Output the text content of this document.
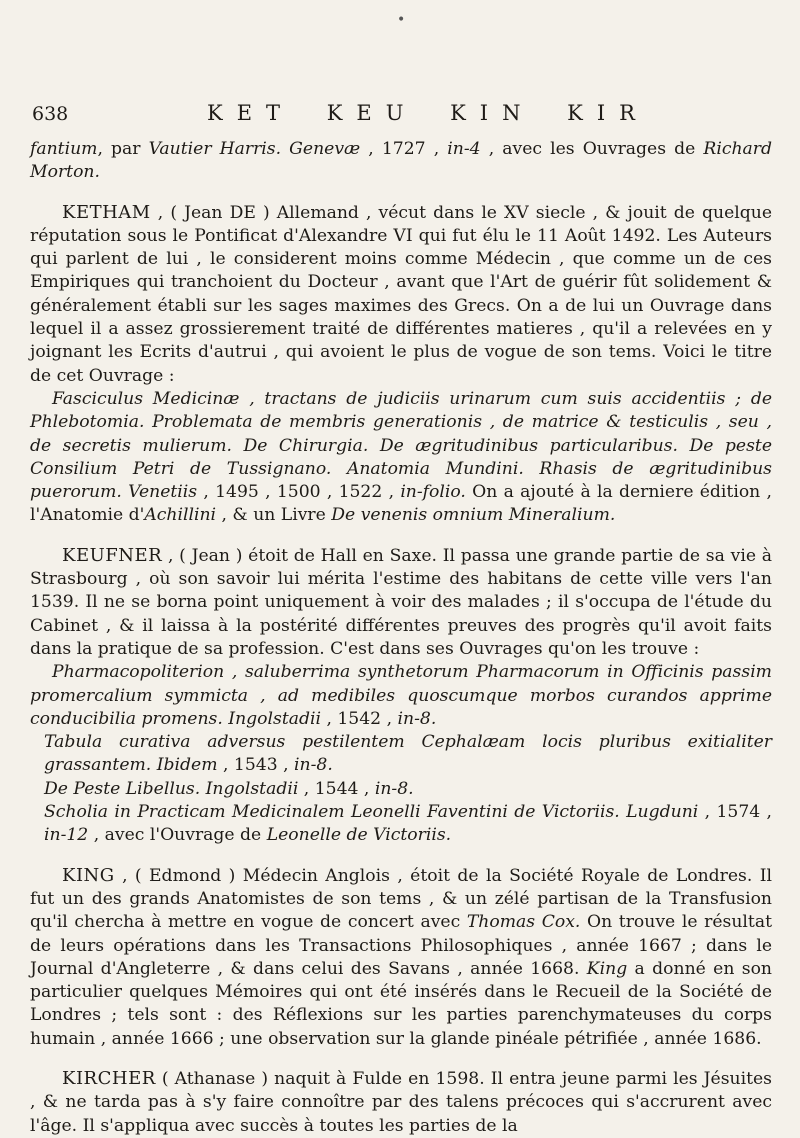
•
638	KET KEU KIN KIR

fantium, par Vautier Harris. Genevæ , 1727 , in-4 , avec les Ouvrages de Richard Morton.

KETHAM , ( Jean DE ) Allemand , vécut dans le XV siecle , & jouit de quelque réputation sous le Pontificat d'Alexandre VI qui fut élu le 11 Août 1492. Les Auteurs qui parlent de lui , le considerent moins comme Médecin , que comme un de ces Empiriques qui tranchoient du Docteur , avant que l'Art de guérir fût solidement & généralement établi sur les sages maximes des Grecs. On a de lui un Ouvrage dans lequel il a assez grossierement traité de différentes matieres , qu'il a relevées en y joignant les Ecrits d'autrui , qui avoient le plus de vogue de son tems. Voici le titre de cet Ouvrage :

Fasciculus Medicinæ , tractans de judiciis urinarum cum suis accidentiis ; de Phlebotomia. Problemata de membris generationis , de matrice & testiculis , seu , de secretis mulierum. De Chirurgia. De ægritudinibus particularibus. De peste Consilium Petri de Tussignano. Anatomia Mundini. Rhasis de ægritudinibus puerorum. Venetiis , 1495 , 1500 , 1522 , in-folio. On a ajouté à la derniere édition , l'Anatomie d'Achillini , & un Livre De venenis omnium Mineralium.

KEUFNER , ( Jean ) étoit de Hall en Saxe. Il passa une grande partie de sa vie à Strasbourg , où son savoir lui mérita l'estime des habitans de cette ville vers l'an 1539. Il ne se borna point uniquement à voir des malades ; il s'occupa de l'étude du Cabinet , & il laissa à la postérité différentes preuves des progrès qu'il avoit faits dans la pratique de sa profession. C'est dans ses Ouvrages qu'on les trouve :

Pharmacopoliterion , saluberrima synthetorum Pharmacorum in Officinis passim promercalium symmicta , ad medibiles quoscumque morbos curandos apprime conducibilia promens. Ingolstadii , 1542 , in-8.

Tabula curativa adversus pestilentem Cephalæam locis pluribus exitialiter grassantem. Ibidem , 1543 , in-8.

De Peste Libellus. Ingolstadii , 1544 , in-8.

Scholia in Practicam Medicinalem Leonelli Faventini de Victoriis. Lugduni , 1574 , in-12 , avec l'Ouvrage de Leonelle de Victoriis.

KING , ( Edmond ) Médecin Anglois , étoit de la Société Royale de Londres. Il fut un des grands Anatomistes de son tems , & un zélé partisan de la Transfusion qu'il chercha à mettre en vogue de concert avec Thomas Cox. On trouve le résultat de leurs opérations dans les Transactions Philosophiques , année 1667 ; dans le Journal d'Angleterre , & dans celui des Savans , année 1668. King a donné en son particulier quelques Mémoires qui ont été insérés dans le Recueil de la Société de Londres ; tels sont : des Réflexions sur les parties parenchymateuses du corps humain , année 1666 ; une observation sur la glande pinéale pétrifiée , année 1686.

KIRCHER ( Athanase ) naquit à Fulde en 1598. Il entra jeune parmi les Jésuites , & ne tarda pas à s'y faire connoître par des talens précoces qui s'accrurent avec l'âge. Il s'appliqua avec succès à toutes les parties de la
